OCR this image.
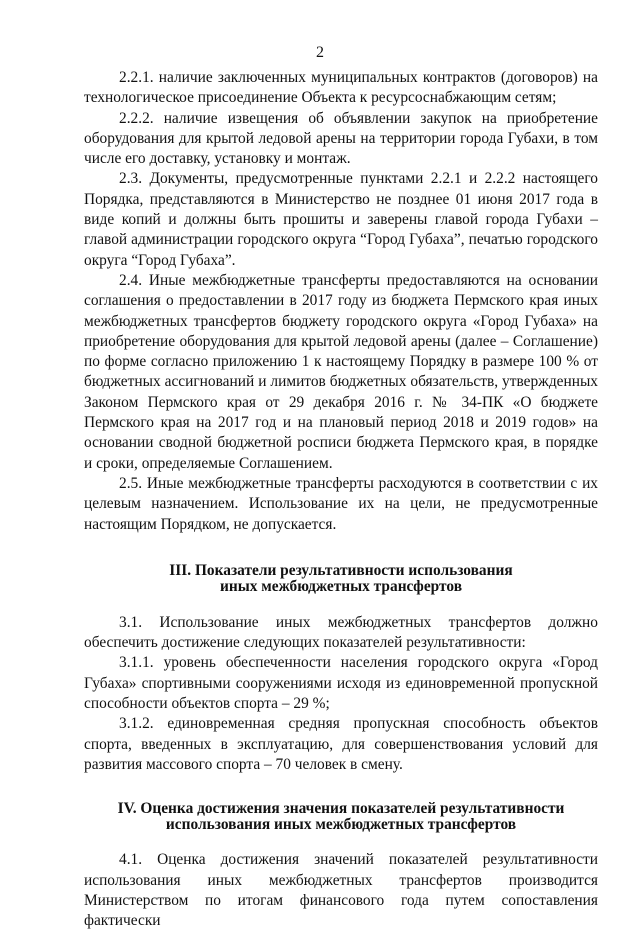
2

2.2.1. наличие заключенных муниципальных контрактов (договоров) на технологическое присоединение Объекта к ресурсоснабжающим сетям;

2.2.2. наличие извещения об объявлении закупок на приобретение оборудования для крытой ледовой арены на территории города Губахи, в том числе его доставку, установку и монтаж.

2.3. Документы, предусмотренные пунктами 2.2.1 и 2.2.2 настоящего Порядка, представляются в Министерство не позднее 01 июня 2017 года в виде копий и должны быть прошиты и заверены главой города Губахи – главой администрации городского округа “Город Губаха”, печатью городского округа “Город Губаха”.

2.4. Иные межбюджетные трансферты предоставляются на основании соглашения о предоставлении в 2017 году из бюджета Пермского края иных межбюджетных трансфертов бюджету городского округа «Город Губаха» на приобретение оборудования для крытой ледовой арены (далее – Соглашение) по форме согласно приложению 1 к настоящему Порядку в размере 100 % от бюджетных ассигнований и лимитов бюджетных обязательств, утвержденных Законом Пермского края от 29 декабря 2016 г. № 34-ПК «О бюджете Пермского края на 2017 год и на плановый период 2018 и 2019 годов» на основании сводной бюджетной росписи бюджета Пермского края, в порядке и сроки, определяемые Соглашением.

2.5. Иные межбюджетные трансферты расходуются в соответствии с их целевым назначением. Использование их на цели, не предусмотренные настоящим Порядком, не допускается.

III. Показатели результативности использования
иных межбюджетных трансфертов

3.1. Использование иных межбюджетных трансфертов должно обеспечить достижение следующих показателей результативности:

3.1.1. уровень обеспеченности населения городского округа «Город Губаха» спортивными сооружениями исходя из единовременной пропускной способности объектов спорта – 29 %;

3.1.2. единовременная средняя пропускная способность объектов спорта, введенных в эксплуатацию, для совершенствования условий для развития массового спорта – 70 человек в смену.

IV. Оценка достижения значения показателей результативности
использования иных межбюджетных трансфертов

4.1. Оценка достижения значений показателей результативности использования иных межбюджетных трансфертов производится Министерством по итогам финансового года путем сопоставления фактически
